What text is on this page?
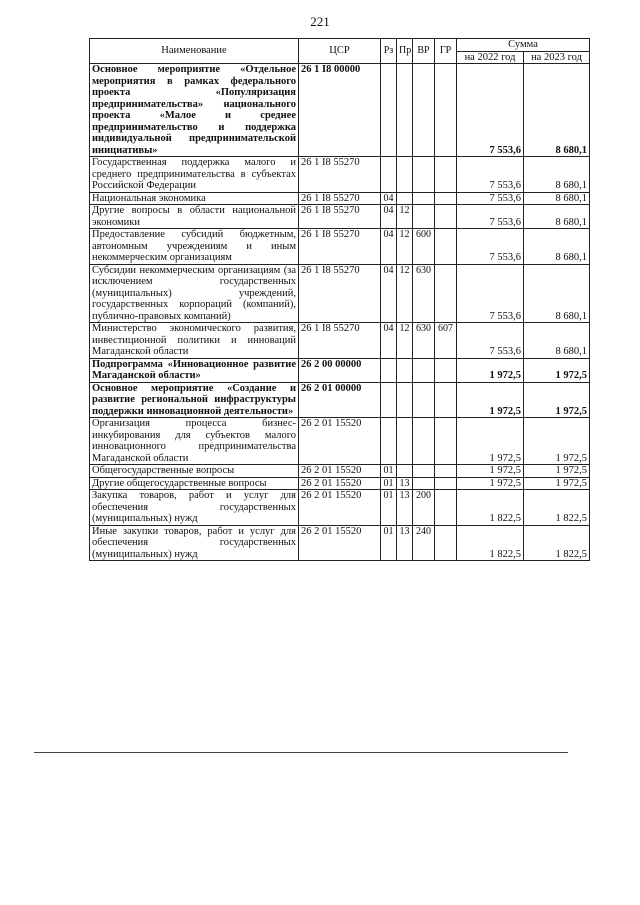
221
Наименование	ЦСР	Рз	Пр	ВР	ГР	Сумма	
						на 2022 год	на 2023 год
Основное мероприятие «Отдельное мероприятия в рамках федерального проекта «Популяризация предпринимательства» национального проекта «Малое и среднее предпринимательство и поддержка индивидуальной предпринимательской инициативы»	26 1 I8 00000					7 553,6	8 680,1
Государственная поддержка малого и среднего предпринимательства в субъектах Российской Федерации	26 1 I8 55270					7 553,6	8 680,1
Национальная экономика	26 1 I8 55270	04				7 553,6	8 680,1
Другие вопросы в области национальной экономики	26 1 I8 55270	04	12			7 553,6	8 680,1
Предоставление субсидий бюджетным, автономным учреждениям и иным некоммерческим организациям	26 1 I8 55270	04	12	600		7 553,6	8 680,1
Субсидии некоммерческим организациям (за исключением государственных (муниципальных) учреждений, государственных корпораций (компаний), публично-правовых компаний)	26 1 I8 55270	04	12	630		7 553,6	8 680,1
Министерство экономического развития, инвестиционной политики и инноваций Магаданской области	26 1 I8 55270	04	12	630	607	7 553,6	8 680,1
Подпрограмма «Инновационное развитие Магаданской области»	26 2 00 00000					1 972,5	1 972,5
Основное мероприятие «Создание и развитие региональной инфраструктуры поддержки инновационной деятельности»	26 2 01 00000					1 972,5	1 972,5
Организация процесса бизнес-инкубирования для субъектов малого инновационного предпринимательства Магаданской области	26 2 01 15520					1 972,5	1 972,5
Общегосударственные вопросы	26 2 01 15520	01				1 972,5	1 972,5
Другие общегосударственные вопросы	26 2 01 15520	01	13			1 972,5	1 972,5
Закупка товаров, работ и услуг для обеспечения государственных (муниципальных) нужд	26 2 01 15520	01	13	200		1 822,5	1 822,5
Иные закупки товаров, работ и услуг для обеспечения государственных (муниципальных) нужд	26 2 01 15520	01	13	240		1 822,5	1 822,5
